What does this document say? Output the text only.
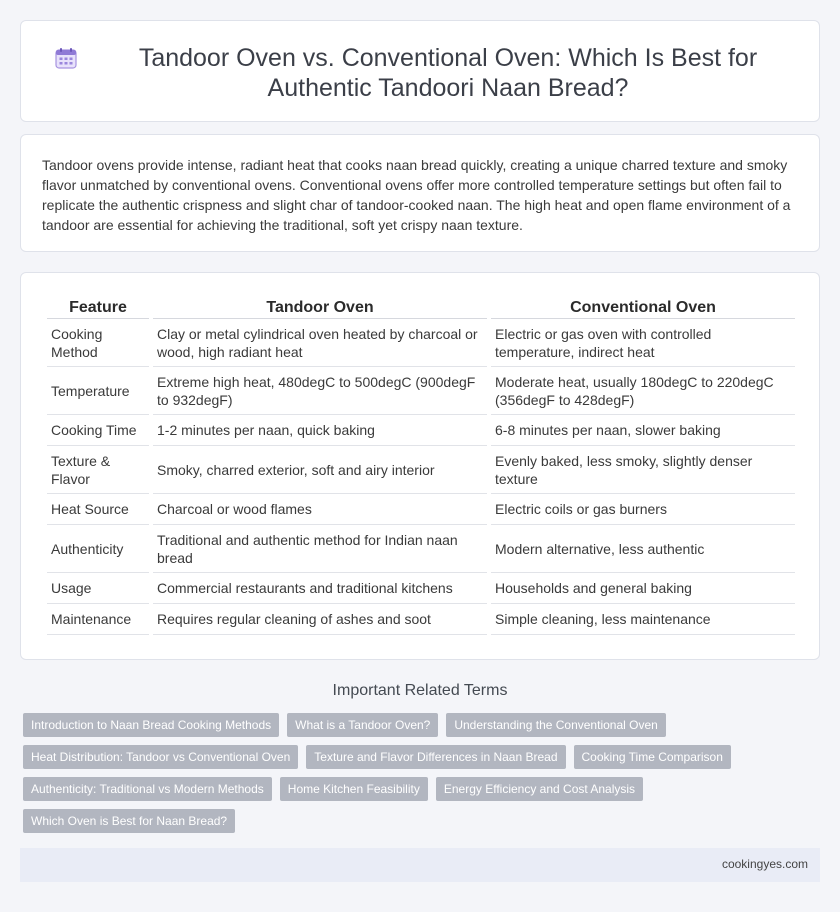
Tandoor Oven vs. Conventional Oven: Which Is Best for Authentic Tandoori Naan Bread?

Tandoor ovens provide intense, radiant heat that cooks naan bread quickly, creating a unique charred texture and smoky flavor unmatched by conventional ovens. Conventional ovens offer more controlled temperature settings but often fail to replicate the authentic crispness and slight char of tandoor-cooked naan. The high heat and open flame environment of a tandoor are essential for achieving the traditional, soft yet crispy naan texture.

Feature	Tandoor Oven	Conventional Oven
Cooking Method	Clay or metal cylindrical oven heated by charcoal or wood, high radiant heat	Electric or gas oven with controlled temperature, indirect heat
Temperature	Extreme high heat, 480degC to 500degC (900degF to 932degF)	Moderate heat, usually 180degC to 220degC (356degF to 428degF)
Cooking Time	1-2 minutes per naan, quick baking	6-8 minutes per naan, slower baking
Texture & Flavor	Smoky, charred exterior, soft and airy interior	Evenly baked, less smoky, slightly denser texture
Heat Source	Charcoal or wood flames	Electric coils or gas burners
Authenticity	Traditional and authentic method for Indian naan bread	Modern alternative, less authentic
Usage	Commercial restaurants and traditional kitchens	Households and general baking
Maintenance	Requires regular cleaning of ashes and soot	Simple cleaning, less maintenance
Important Related Terms
Introduction to Naan Bread Cooking Methods	What is a Tandoor Oven?	Understanding the Conventional Oven
Heat Distribution: Tandoor vs Conventional Oven	Texture and Flavor Differences in Naan Bread	Cooking Time Comparison
Authenticity: Traditional vs Modern Methods	Home Kitchen Feasibility	Energy Efficiency and Cost Analysis
Which Oven is Best for Naan Bread?
cookingyes.com
